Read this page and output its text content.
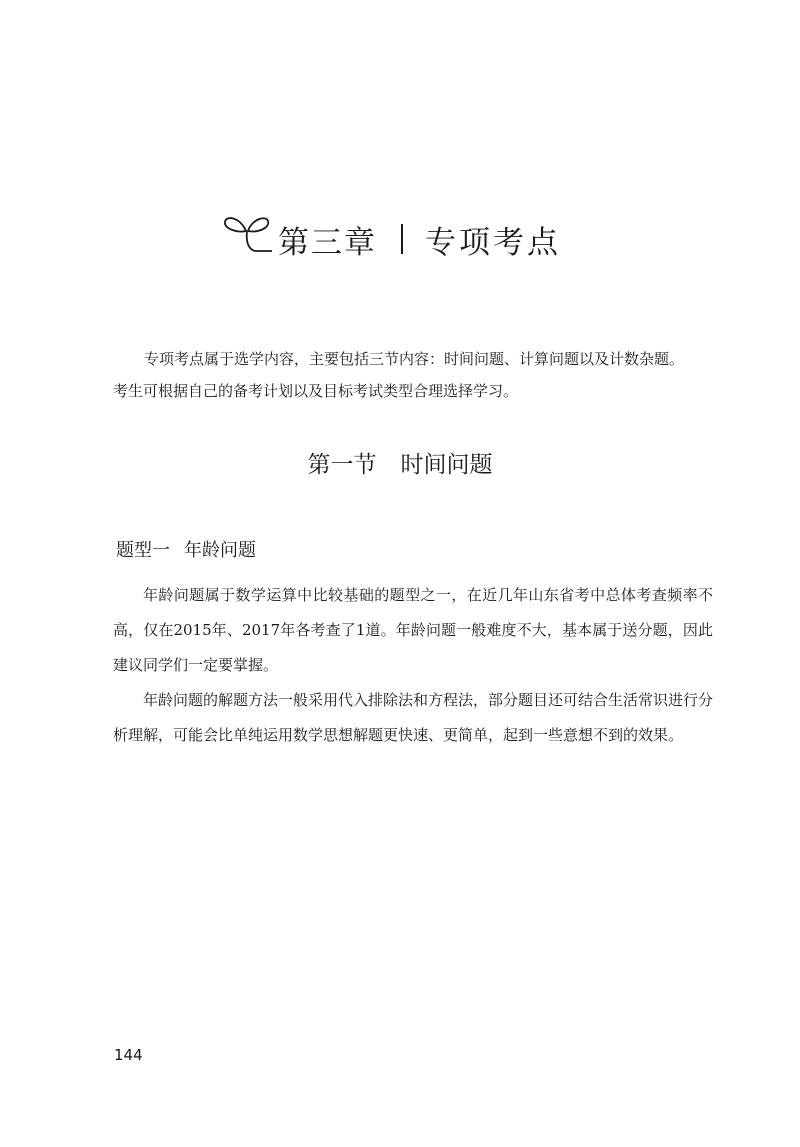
第三章 专项考点

专项考点属于选学内容，主要包括三节内容：时间问题、计算问题以及计数杂题。

考生可根据自己的备考计划以及目标考试类型合理选择学习。

第一节 时间问题
题型一 年龄问题

年龄问题属于数学运算中比较基础的题型之一，在近几年山东省考中总体考查频率不高，仅在2015年、2017年各考查了1道。年龄问题一般难度不大，基本属于送分题，因此建议同学们一定要掌握。

年龄问题的解题方法一般采用代入排除法和方程法，部分题目还可结合生活常识进行分析理解，可能会比单纯运用数学思想解题更快速、更简单，起到一些意想不到的效果。

144
